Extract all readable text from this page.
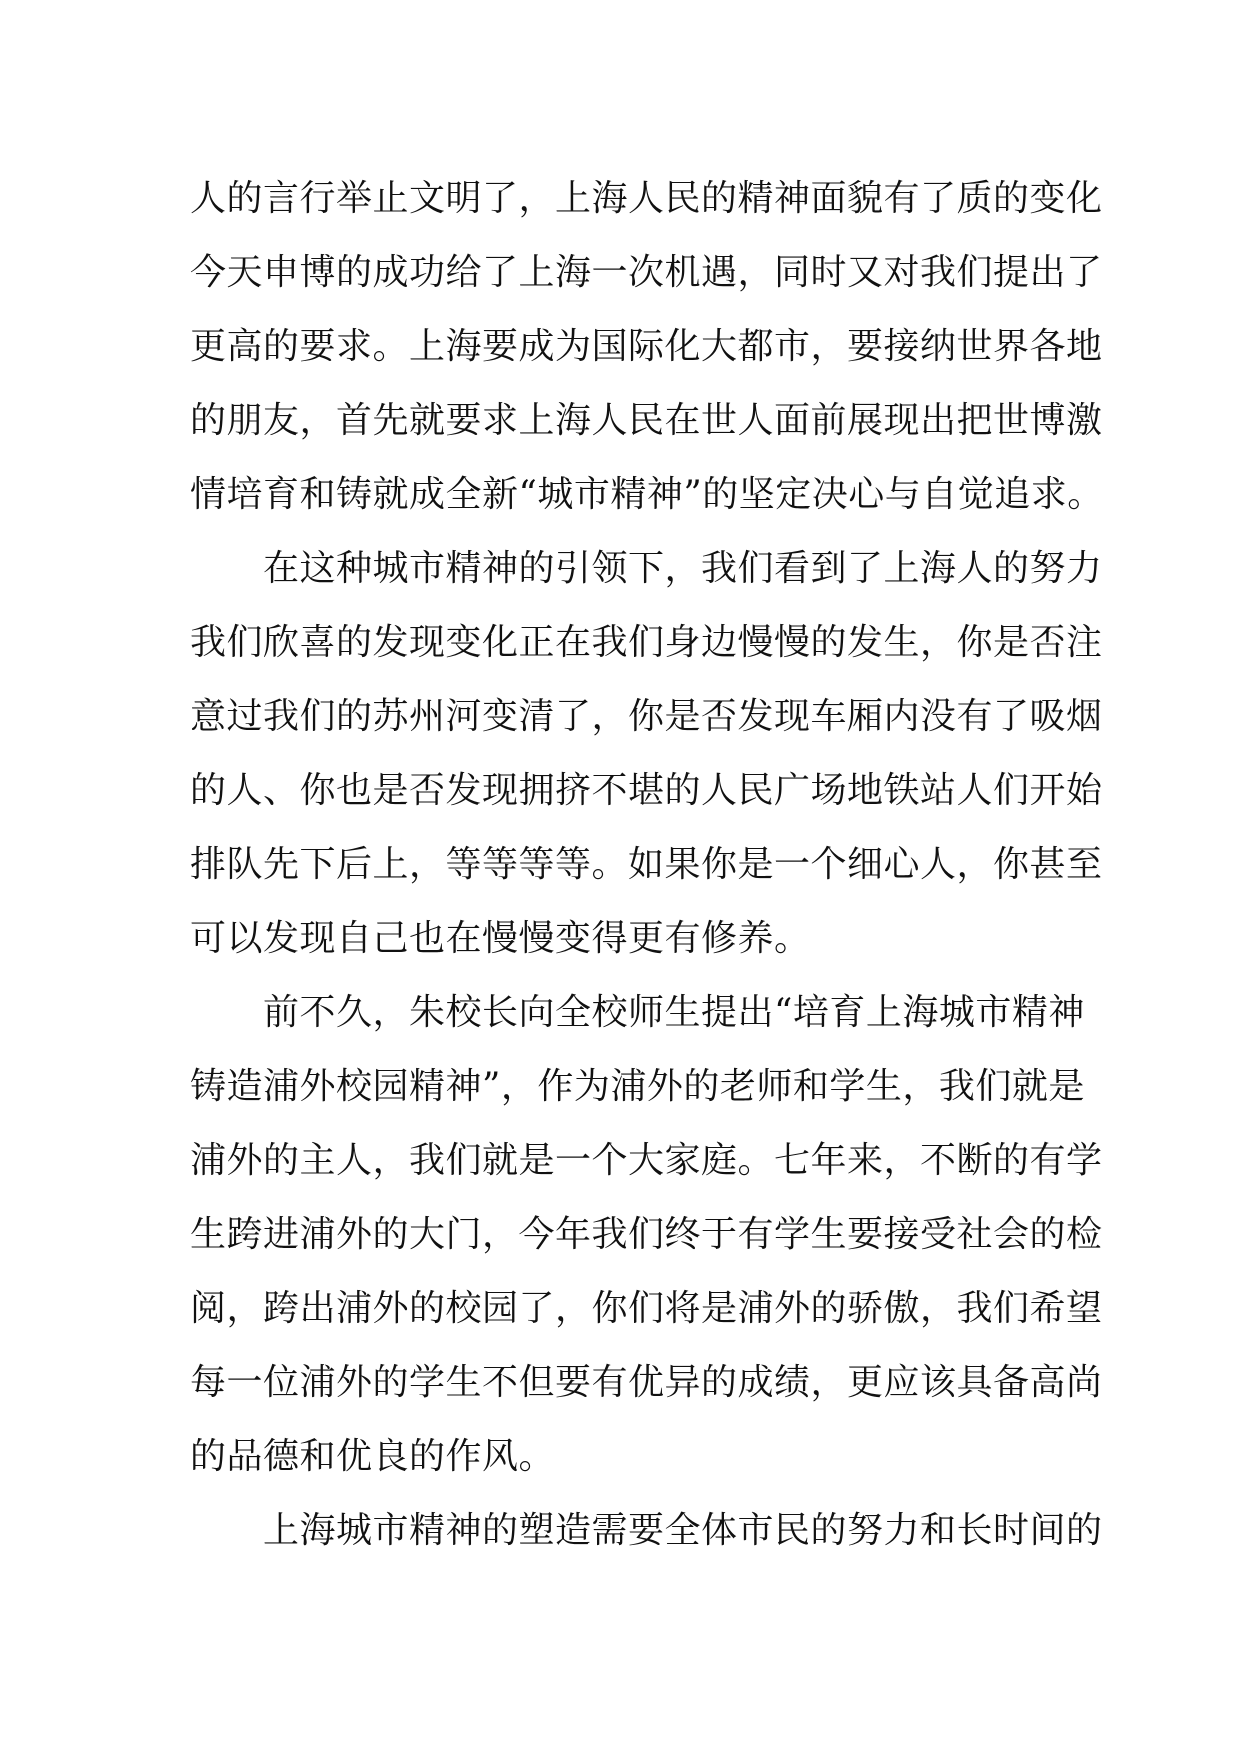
人的言行举止文明了，上海人民的精神面貌有了质的变化
今天申博的成功给了上海一次机遇，同时又对我们提出了
更高的要求。上海要成为国际化大都市，要接纳世界各地
的朋友，首先就要求上海人民在世人面前展现出把世博激
情培育和铸就成全新“城市精神”的坚定决心与自觉追求。
　　在这种城市精神的引领下，我们看到了上海人的努力
我们欣喜的发现变化正在我们身边慢慢的发生，你是否注
意过我们的苏州河变清了，你是否发现车厢内没有了吸烟
的人、你也是否发现拥挤不堪的人民广场地铁站人们开始
排队先下后上，等等等等。如果你是一个细心人，你甚至
可以发现自己也在慢慢变得更有修养。
　　前不久，朱校长向全校师生提出“培育上海城市精神
铸造浦外校园精神”，作为浦外的老师和学生，我们就是
浦外的主人，我们就是一个大家庭。七年来，不断的有学
生跨进浦外的大门，今年我们终于有学生要接受社会的检
阅，跨出浦外的校园了，你们将是浦外的骄傲，我们希望
每一位浦外的学生不但要有优异的成绩，更应该具备高尚
的品德和优良的作风。
　　上海城市精神的塑造需要全体市民的努力和长时间的
